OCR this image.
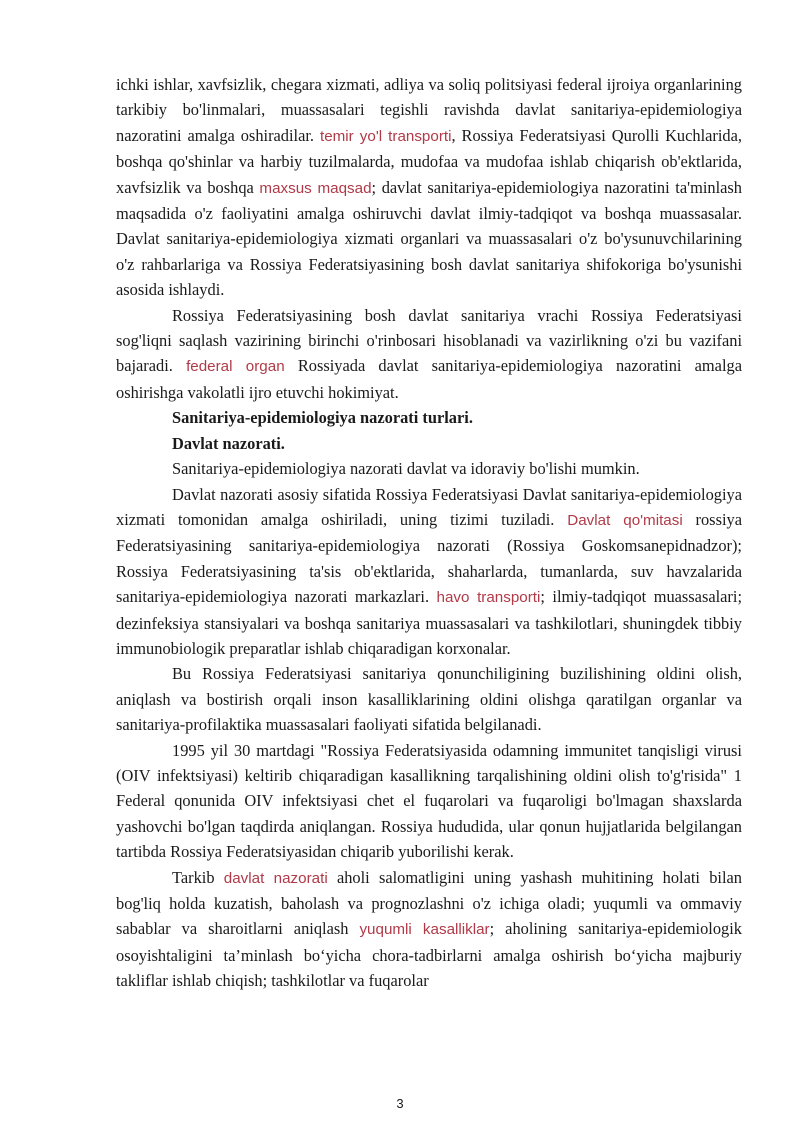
ichki ishlar, xavfsizlik, chegara xizmati, adliya va soliq politsiyasi federal ijroiya organlarining tarkibiy bo'linmalari, muassasalari tegishli ravishda davlat sanitariya-epidemiologiya nazoratini amalga oshiradilar. temir yo'l transporti, Rossiya Federatsiyasi Qurolli Kuchlarida, boshqa qo'shinlar va harbiy tuzilmalarda, mudofaa va mudofaa ishlab chiqarish ob'ektlarida, xavfsizlik va boshqa maxsus maqsad; davlat sanitariya-epidemiologiya nazoratini ta'minlash maqsadida o'z faoliyatini amalga oshiruvchi davlat ilmiy-tadqiqot va boshqa muassasalar. Davlat sanitariya-epidemiologiya xizmati organlari va muassasalari o'z bo'ysunuvchilarining o'z rahbarlariga va Rossiya Federatsiyasining bosh davlat sanitariya shifokoriga bo'ysunishi asosida ishlaydi.

Rossiya Federatsiyasining bosh davlat sanitariya vrachi Rossiya Federatsiyasi sog'liqni saqlash vazirining birinchi o'rinbosari hisoblanadi va vazirlikning o'zi bu vazifani bajaradi. federal organ Rossiyada davlat sanitariya-epidemiologiya nazoratini amalga oshirishga vakolatli ijro etuvchi hokimiyat.

Sanitariya-epidemiologiya nazorati turlari.

Davlat nazorati.

Sanitariya-epidemiologiya nazorati davlat va idoraviy bo'lishi mumkin.

Davlat nazorati asosiy sifatida Rossiya Federatsiyasi Davlat sanitariya-epidemiologiya xizmati tomonidan amalga oshiriladi, uning tizimi tuziladi. Davlat qo'mitasi rossiya Federatsiyasining sanitariya-epidemiologiya nazorati (Rossiya Goskomsanepidnadzor); Rossiya Federatsiyasining ta'sis ob'ektlarida, shaharlarda, tumanlarda, suv havzalarida sanitariya-epidemiologiya nazorati markazlari. havo transporti; ilmiy-tadqiqot muassasalari; dezinfeksiya stansiyalari va boshqa sanitariya muassasalari va tashkilotlari, shuningdek tibbiy immunobiologik preparatlar ishlab chiqaradigan korxonalar.

Bu Rossiya Federatsiyasi sanitariya qonunchiligining buzilishining oldini olish, aniqlash va bostirish orqali inson kasalliklarining oldini olishga qaratilgan organlar va sanitariya-profilaktika muassasalari faoliyati sifatida belgilanadi.

1995 yil 30 martdagi "Rossiya Federatsiyasida odamning immunitet tanqisligi virusi (OIV infektsiyasi) keltirib chiqaradigan kasallikning tarqalishining oldini olish to'g'risida" 1 Federal qonunida OIV infektsiyasi chet el fuqarolari va fuqaroligi bo'lmagan shaxslarda yashovchi bo'lgan taqdirda aniqlangan. Rossiya hududida, ular qonun hujjatlarida belgilangan tartibda Rossiya Federatsiyasidan chiqarib yuborilishi kerak.

Tarkib davlat nazorati aholi salomatligini uning yashash muhitining holati bilan bog'liq holda kuzatish, baholash va prognozlashni o'z ichiga oladi; yuqumli va ommaviy sabablar va sharoitlarni aniqlash yuqumli kasalliklar; aholining sanitariya-epidemiologik osoyishtaligini ta’minlash bo‘yicha chora-tadbirlarni amalga oshirish bo‘yicha majburiy takliflar ishlab chiqish; tashkilotlar va fuqarolar

3
